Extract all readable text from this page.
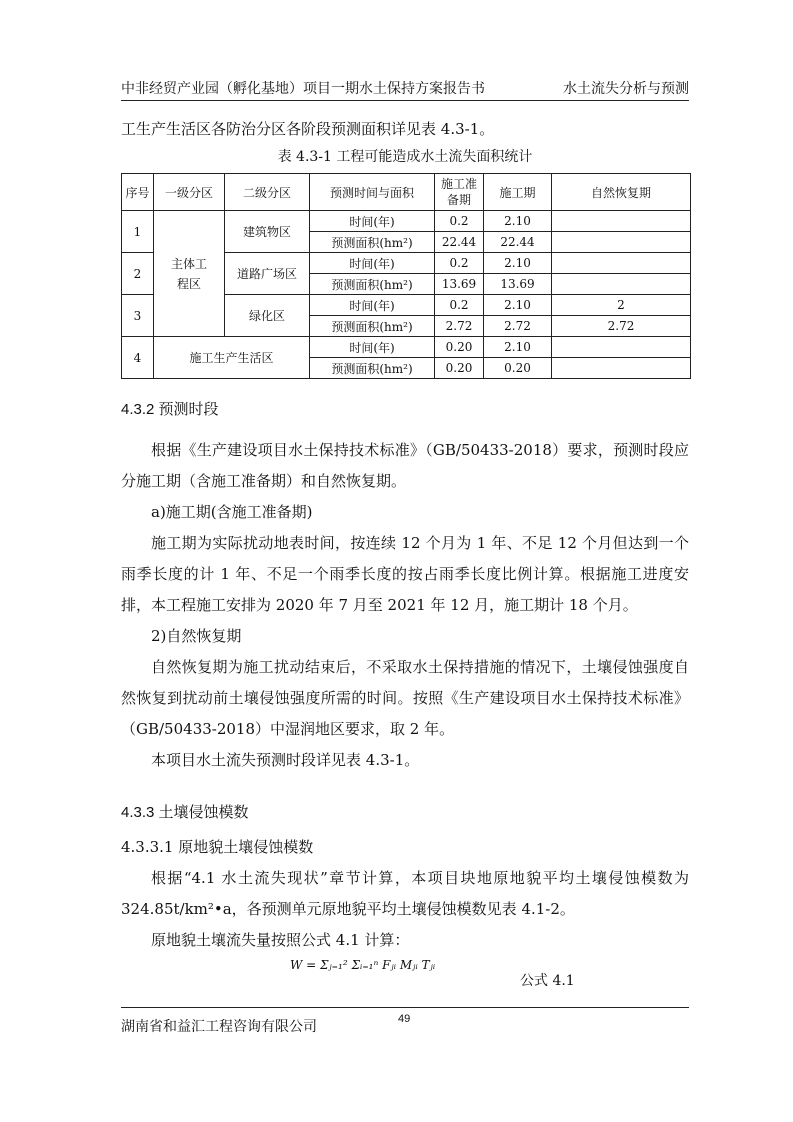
中非经贸产业园（孵化基地）项目一期水土保持方案报告书	水土流失分析与预测

工生产生活区各防治分区各阶段预测面积详见表 4.3-1。

表 4.3-1 工程可能造成水土流失面积统计
序号	一级分区	二级分区	预测时间与面积	施工准备期	施工期	自然恢复期
1	主体工程区	建筑物区	时间(年)	0.2	2.10	
			预测面积(hm²)	22.44	22.44	
2		道路广场区	时间(年)	0.2	2.10	
			预测面积(hm²)	13.69	13.69	
3		绿化区	时间(年)	0.2	2.10	2
			预测面积(hm²)	2.72	2.72	2.72
4	施工生产生活区		时间(年)	0.20	2.10	
			预测面积(hm²)	0.20	0.20	

4.3.2 预测时段

根据《生产建设项目水土保持技术标准》（GB/50433-2018）要求，预测时段应分施工期（含施工准备期）和自然恢复期。

a)施工期(含施工准备期)

施工期为实际扰动地表时间，按连续 12 个月为 1 年、不足 12 个月但达到一个雨季长度的计 1 年、不足一个雨季长度的按占雨季长度比例计算。根据施工进度安排，本工程施工安排为 2020 年 7 月至 2021 年 12 月，施工期计 18 个月。

2)自然恢复期

自然恢复期为施工扰动结束后，不采取水土保持措施的情况下，土壤侵蚀强度自然恢复到扰动前土壤侵蚀强度所需的时间。按照《生产建设项目水土保持技术标准》（GB/50433-2018）中湿润地区要求，取 2 年。

本项目水土流失预测时段详见表 4.3-1。

4.3.3 土壤侵蚀模数

4.3.3.1 原地貌土壤侵蚀模数

根据“4.1 水土流失现状”章节计算，本项目块地原地貌平均土壤侵蚀模数为 324.85t/km²•a，各预测单元原地貌平均土壤侵蚀模数见表 4.1-2。

原地貌土壤流失量按照公式 4.1 计算：

W = Σⱼ₌₁² Σᵢ₌₁ⁿ Fⱼᵢ Mⱼᵢ Tⱼᵢ
公式 4.1
湖南省和益汇工程咨询有限公司	49
